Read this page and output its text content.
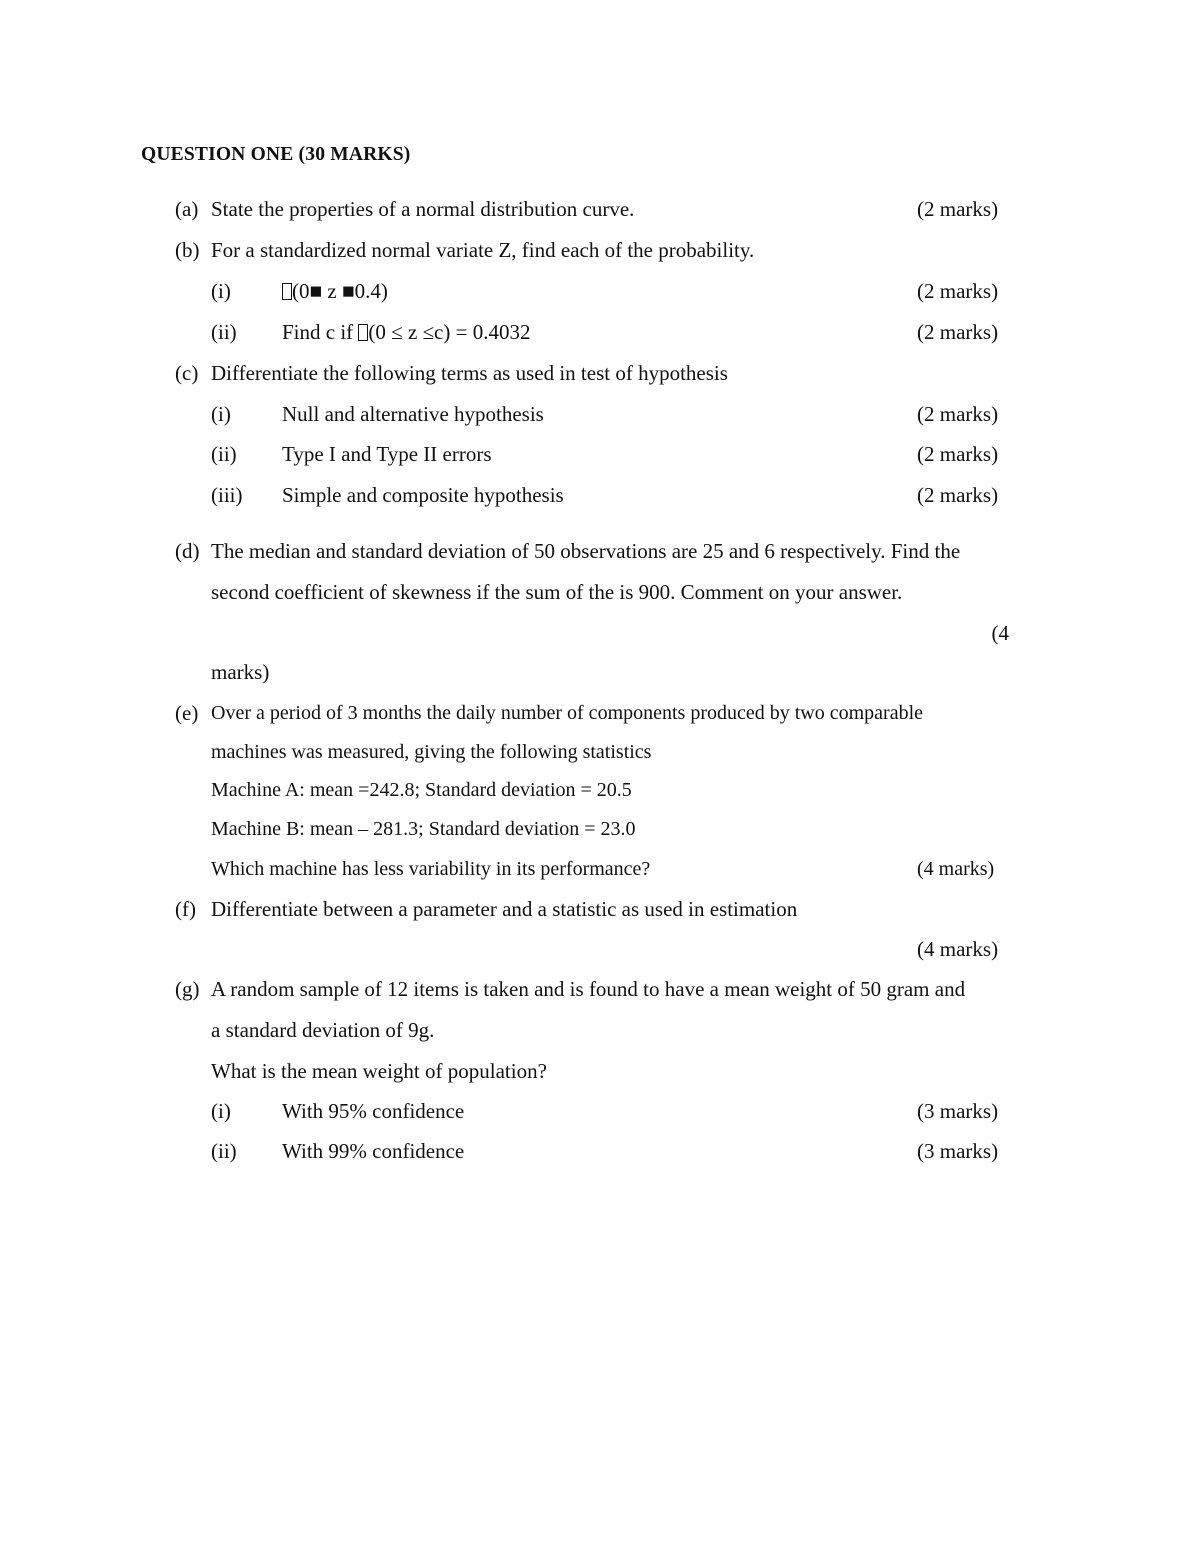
QUESTION ONE (30 MARKS)
(a) State the properties of a normal distribution curve.	(2 marks)
(b) For a standardized normal variate Z, find each of the probability.
(i)	(0■ z ■0.4)	(2 marks)
(ii) Find c if (0 ≤ z ≤c) = 0.4032	(2 marks)
(c) Differentiate the following terms as used in test of hypothesis
(i) Null and alternative hypothesis	(2 marks)
(ii) Type I and Type II errors	(2 marks)
(iii) Simple and composite hypothesis	(2 marks)
(d) The median and standard deviation of 50 observations are 25 and 6 respectively. Find the
second coefficient of skewness if the sum of the is 900. Comment on your answer.
(4
marks)
(e) Over a period of 3 months the daily number of components produced by two comparable
machines was measured, giving the following statistics
Machine A: mean =242.8; Standard deviation = 20.5
Machine B: mean – 281.3; Standard deviation = 23.0
Which machine has less variability in its performance?	(4 marks)
(f) Differentiate between a parameter and a statistic as used in estimation
(4 marks)
(g) A random sample of 12 items is taken and is found to have a mean weight of 50 gram and
a standard deviation of 9g.
What is the mean weight of population?
(i) With 95% confidence	(3 marks)
(ii) With 99% confidence	(3 marks)
